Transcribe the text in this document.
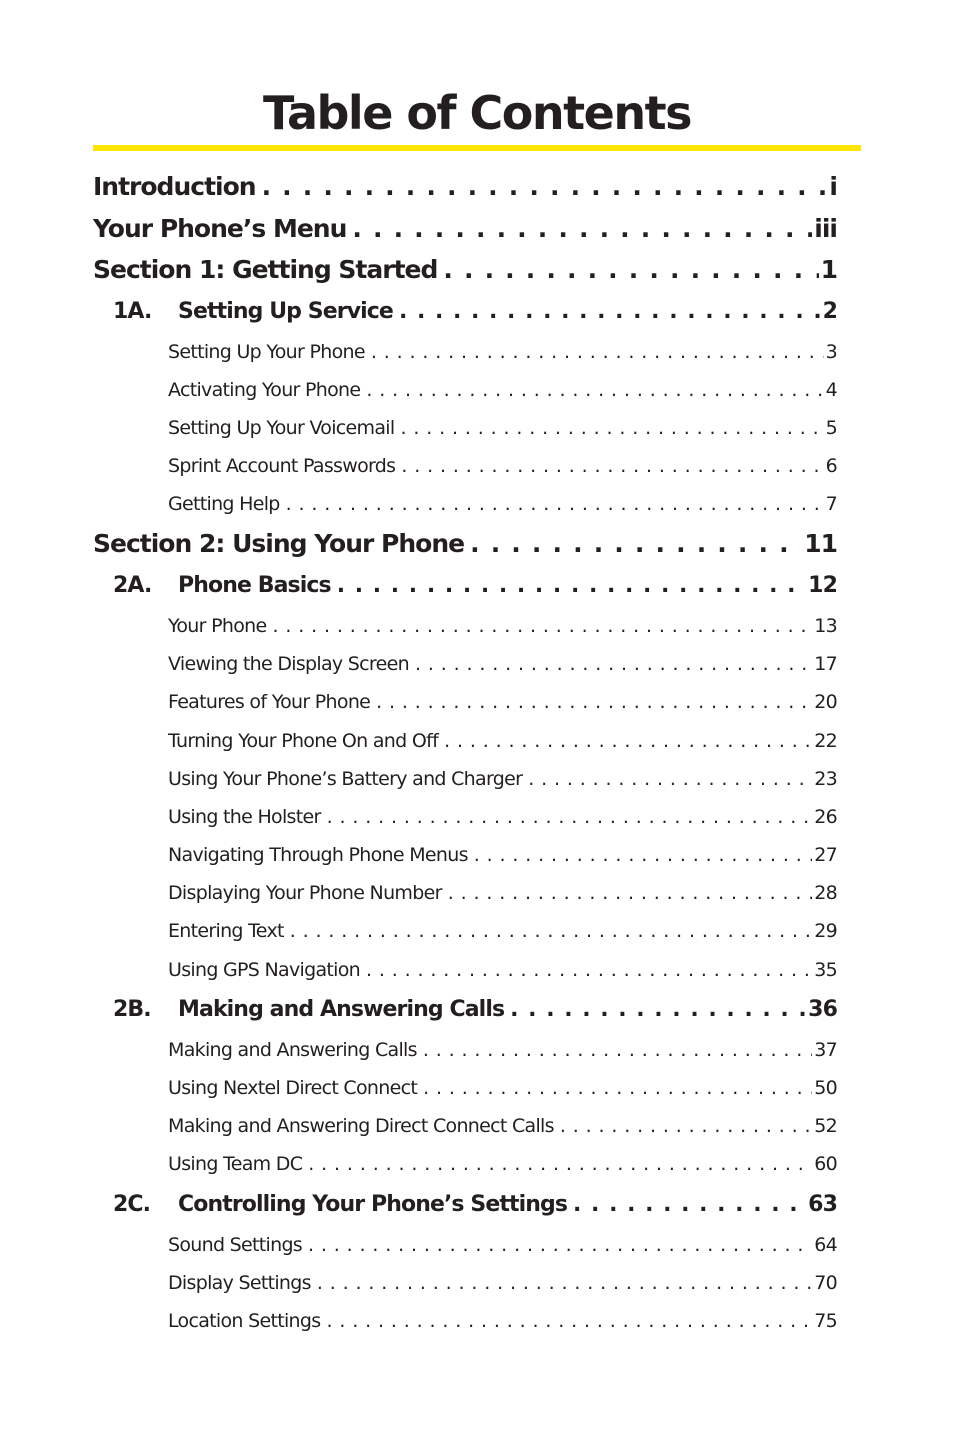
Table of Contents
Introduction . . .	i
Your Phone’s Menu . . .	iii
Section 1: Getting Started . . .	1
1A.	Setting Up Service . . .	2
Setting Up Your Phone . . .	3
Activating Your Phone . . .	4
Setting Up Your Voicemail . . .	5
Sprint Account Passwords . . .	6
Getting Help . . .	7
Section 2: Using Your Phone . . .	11
2A.	Phone Basics . . .	12
Your Phone . . .	13
Viewing the Display Screen . . .	17
Features of Your Phone . . .	20
Turning Your Phone On and Off . . .	22
Using Your Phone’s Battery and Charger . . .	23
Using the Holster . . .	26
Navigating Through Phone Menus . . .	27
Displaying Your Phone Number . . .	28
Entering Text . . .	29
Using GPS Navigation . . .	35
2B.	Making and Answering Calls . . .	36
Making and Answering Calls . . .	37
Using Nextel Direct Connect . . .	50
Making and Answering Direct Connect Calls . . .	52
Using Team DC . . .	60
2C.	Controlling Your Phone’s Settings . . .	63
Sound Settings . . .	64
Display Settings . . .	70
Location Settings . . .	75
